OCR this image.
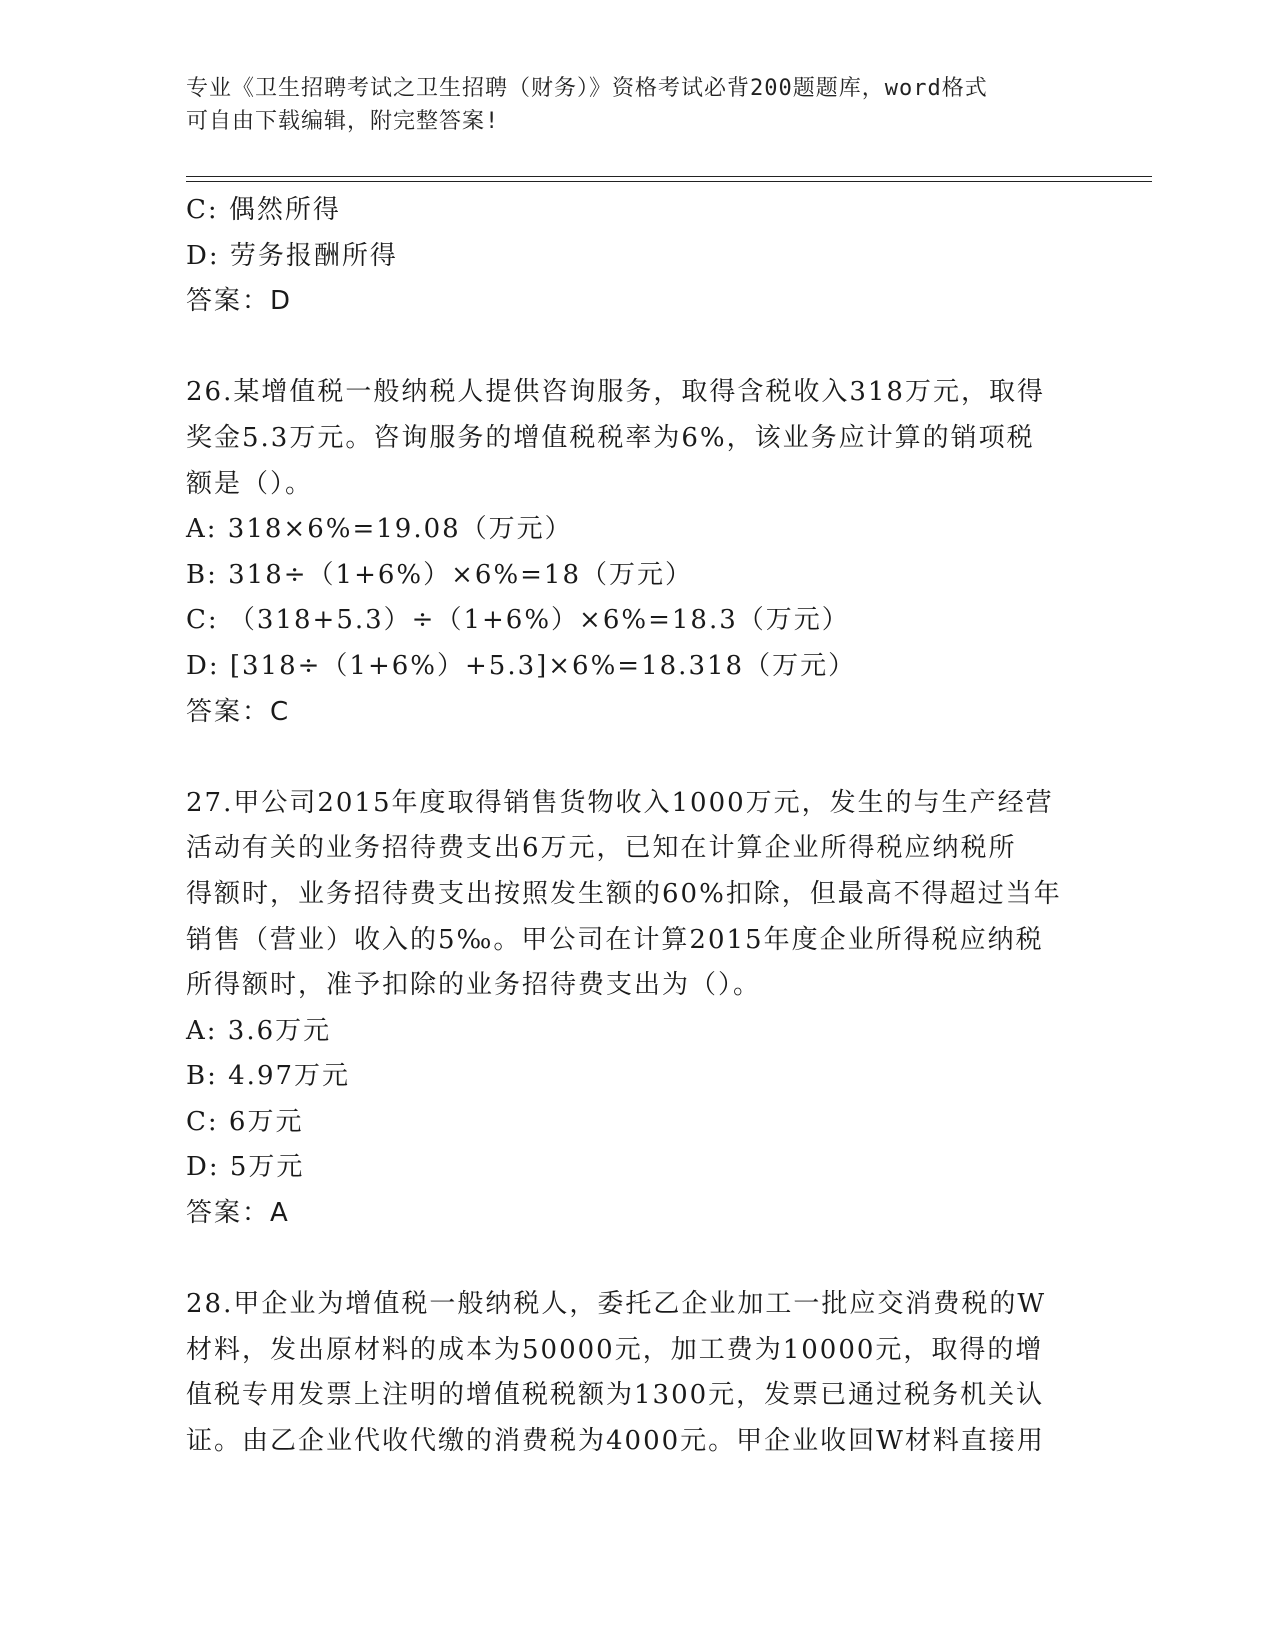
专业《卫生招聘考试之卫生招聘（财务）》资格考试必背200题题库，word格式
可自由下载编辑，附完整答案!
C: 偶然所得
D: 劳务报酬所得
答案：D
26.某增值税一般纳税人提供咨询服务，取得含税收入318万元，取得
奖金5.3万元。咨询服务的增值税税率为6%，该业务应计算的销项税
额是（）。
A: 318×6%=19.08（万元）
B: 318÷（1+6%）×6%=18（万元）
C: （318+5.3）÷（1+6%）×6%=18.3（万元）
D: [318÷（1+6%）+5.3]×6%=18.318（万元）
答案：C
27.甲公司2015年度取得销售货物收入1000万元，发生的与生产经营
活动有关的业务招待费支出6万元，已知在计算企业所得税应纳税所
得额时，业务招待费支出按照发生额的60%扣除，但最高不得超过当年
销售（营业）收入的5‰。甲公司在计算2015年度企业所得税应纳税
所得额时，准予扣除的业务招待费支出为（）。
A: 3.6万元
B: 4.97万元
C: 6万元
D: 5万元
答案：A
28.甲企业为增值税一般纳税人，委托乙企业加工一批应交消费税的W
材料，发出原材料的成本为50000元，加工费为10000元，取得的增
值税专用发票上注明的增值税税额为1300元，发票已通过税务机关认
证。由乙企业代收代缴的消费税为4000元。甲企业收回W材料直接用
